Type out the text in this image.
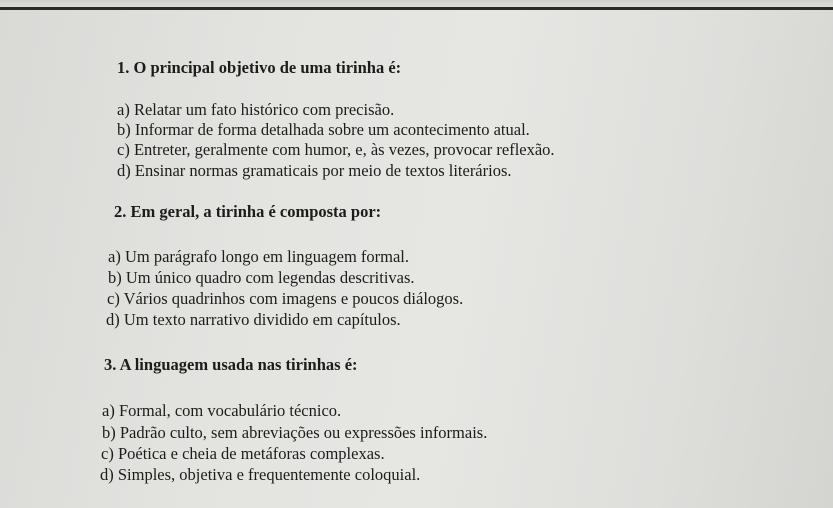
1. O principal objetivo de uma tirinha é:
a) Relatar um fato histórico com precisão.
b) Informar de forma detalhada sobre um acontecimento atual.
c) Entreter, geralmente com humor, e, às vezes, provocar reflexão.
d) Ensinar normas gramaticais por meio de textos literários.
2. Em geral, a tirinha é composta por:
a) Um parágrafo longo em linguagem formal.
b) Um único quadro com legendas descritivas.
c) Vários quadrinhos com imagens e poucos diálogos.
d) Um texto narrativo dividido em capítulos.
3. A linguagem usada nas tirinhas é:
a) Formal, com vocabulário técnico.
b) Padrão culto, sem abreviações ou expressões informais.
c) Poética e cheia de metáforas complexas.
d) Simples, objetiva e frequentemente coloquial.
